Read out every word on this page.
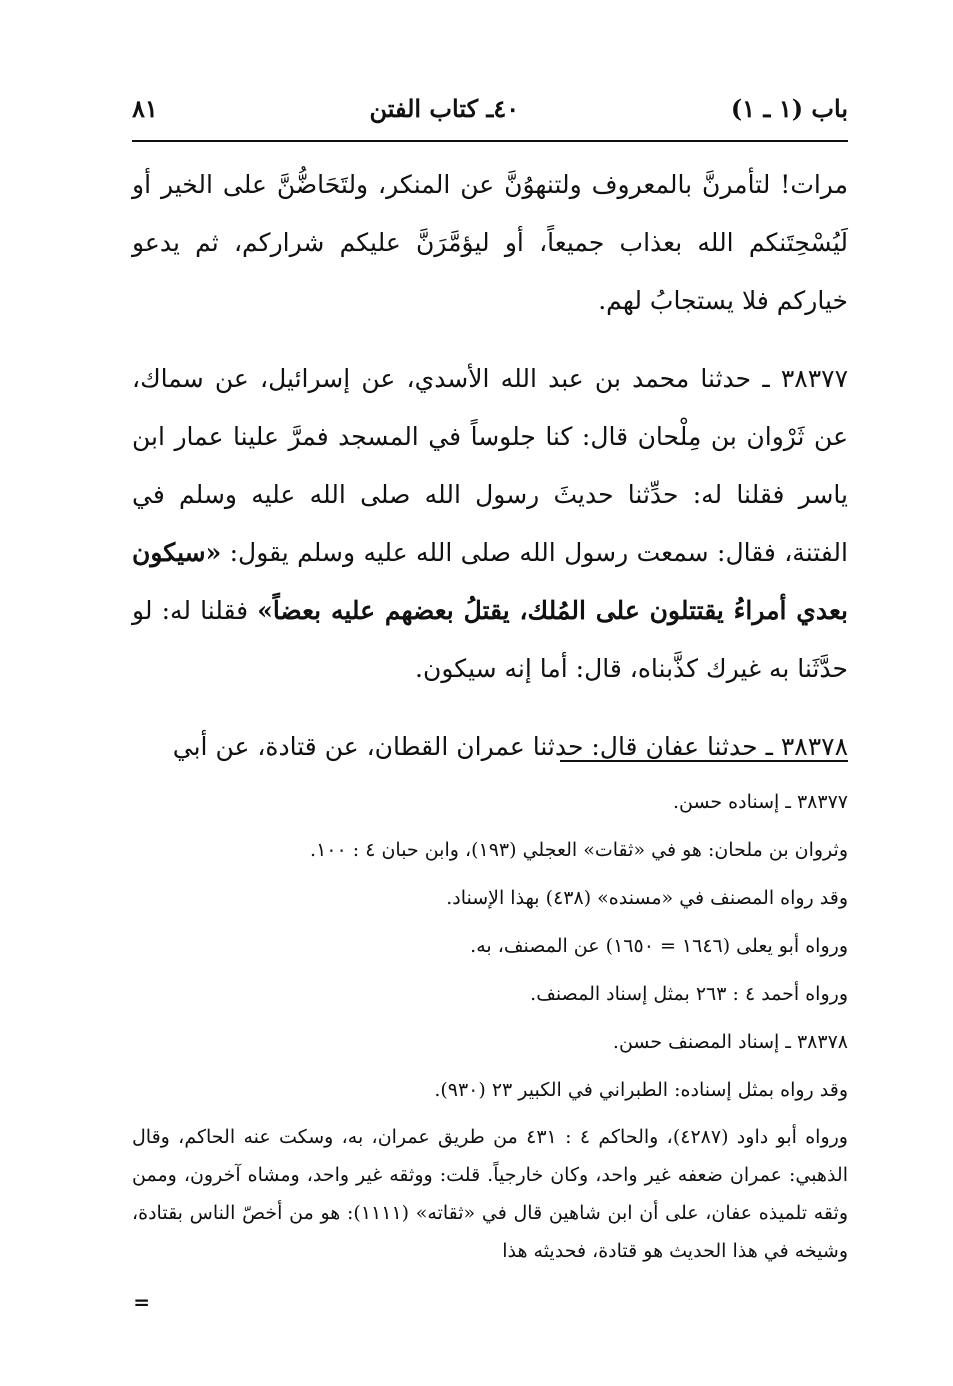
باب (١ ـ ١)
٤٠ـ كتاب الفتن
٨١

مرات! لتأمرنَّ بالمعروف ولتنهوُنَّ عن المنكر، ولتَحَاضُّنَّ على الخير أو لَيُسْحِتَنكم الله بعذاب جميعاً، أو ليؤمَّرَنَّ عليكم شراركم، ثم يدعو خياركم فلا يستجابُ لهم.

٣٨٣٧٧ ـ حدثنا محمد بن عبد الله الأسدي، عن إسرائيل، عن سماك، عن ثَرْوان بن مِلْحان قال: كنا جلوساً في المسجد فمرَّ علينا عمار ابن ياسر فقلنا له: حدِّثنا حديثَ رسول الله صلى الله عليه وسلم في الفتنة، فقال: سمعت رسول الله صلى الله عليه وسلم يقول: «سيكون بعدي أمراءُ يقتتلون على المُلك، يقتلُ بعضهم عليه بعضاً» فقلنا له: لو حدَّثَنا به غيرك كذَّبناه، قال: أما إنه سيكون.

٣٨٣٧٨ ـ حدثنا عفان قال: حدثنا عمران القطان، عن قتادة، عن أبي

٣٨٣٧٧ ـ إسناده حسن.

وثروان بن ملحان: هو في «ثقات» العجلي (١٩٣)، وابن حبان ٤ : ١٠٠.

وقد رواه المصنف في «مسنده» (٤٣٨) بهذا الإسناد.

ورواه أبو يعلى (١٦٤٦ = ١٦٥٠) عن المصنف، به.

ورواه أحمد ٤ : ٢٦٣ بمثل إسناد المصنف.

٣٨٣٧٨ ـ إسناد المصنف حسن.

وقد رواه بمثل إسناده: الطبراني في الكبير ٢٣ (٩٣٠).

ورواه أبو داود (٤٢٨٧)، والحاكم ٤ : ٤٣١ من طريق عمران، به، وسكت عنه الحاكم، وقال الذهبي: عمران ضعفه غير واحد، وكان خارجياً. قلت: ووثقه غير واحد، ومشاه آخرون، وممن وثقه تلميذه عفان، على أن ابن شاهين قال في «ثقاته» (١١١١): هو من أخصّ الناس بقتادة، وشيخه في هذا الحديث هو قتادة، فحديثه هذا

=
